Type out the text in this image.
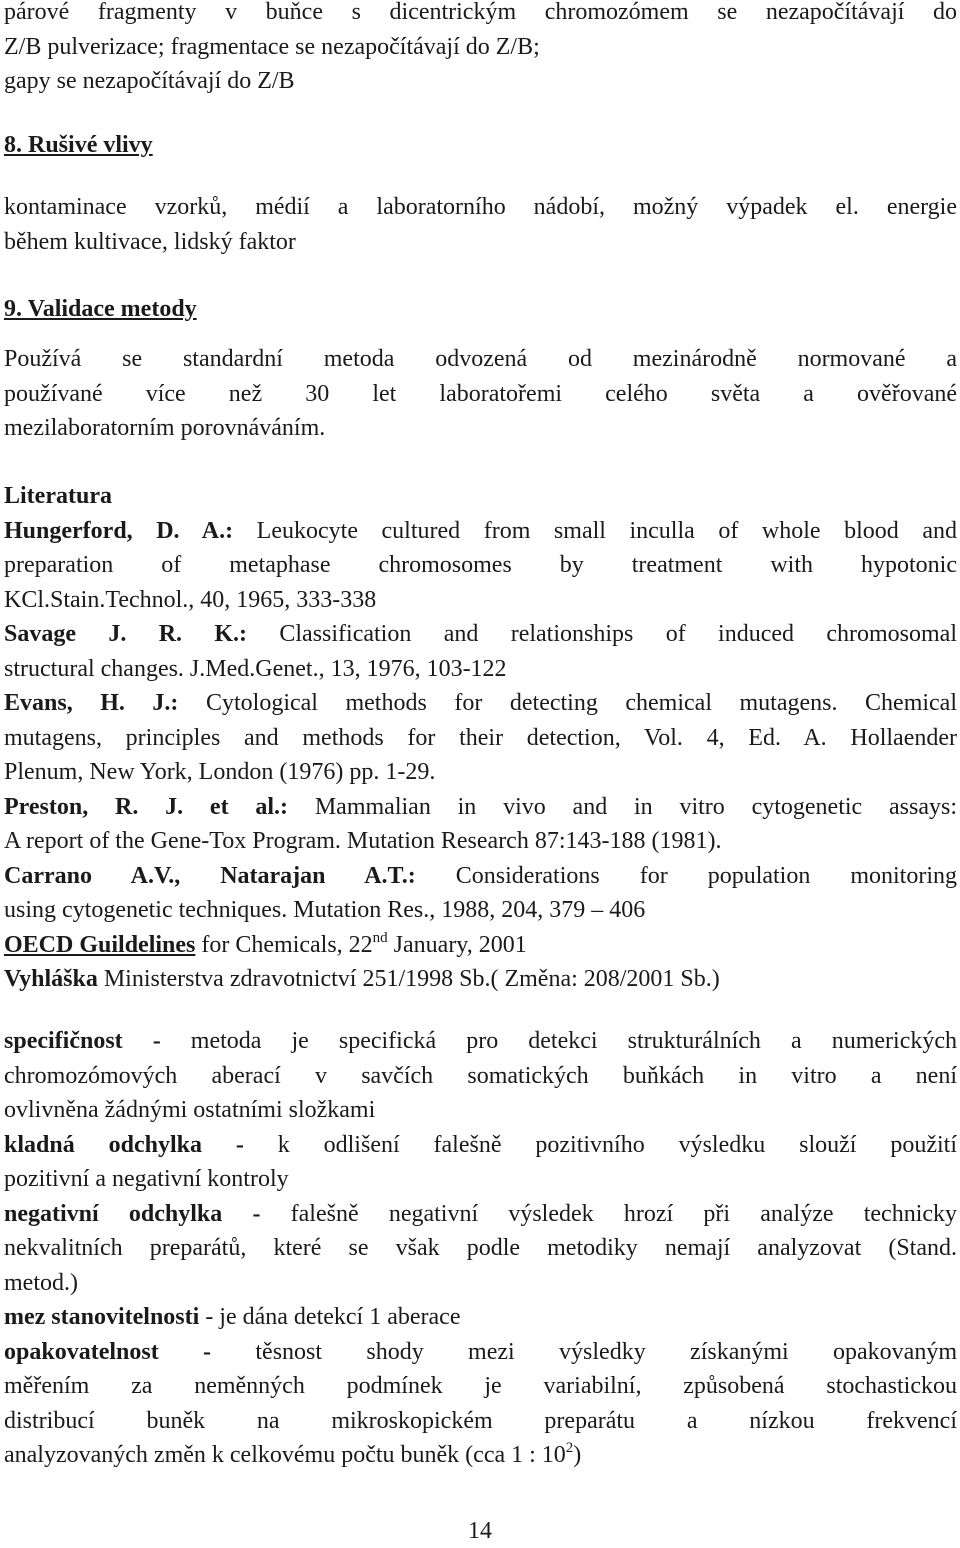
párové fragmenty v buňce s dicentrickým chromozómem se nezapočítávají do

Z/B pulverizace; fragmentace se nezapočítávají do Z/B;

gapy se nezapočítávají do Z/B

8. Rušivé vlivy

kontaminace vzorků, médií a laboratorního nádobí, možný výpadek el. energie

během kultivace, lidský faktor

9. Validace metody

Používá se standardní metoda odvozená od mezinárodně normované a

používané více než 30 let laboratořemi celého světa a ověřované

mezilaboratorním porovnáváním.

Literatura

Hungerford, D. A.: Leukocyte cultured from small inculla of whole blood and

preparation of metaphase chromosomes by treatment with hypotonic

KCl.Stain.Technol., 40, 1965, 333-338

Savage J. R. K.: Classification and relationships of induced chromosomal

structural changes. J.Med.Genet., 13, 1976, 103-122

Evans, H. J.: Cytological methods for detecting chemical mutagens. Chemical

mutagens, principles and methods for their detection, Vol. 4, Ed. A. Hollaender

Plenum, New York, London (1976) pp. 1-29.

Preston, R. J. et al.: Mammalian in vivo and in vitro cytogenetic assays:

A report of the Gene-Tox Program. Mutation Research 87:143-188 (1981).

Carrano A.V., Natarajan A.T.: Considerations for population monitoring

using cytogenetic techniques. Mutation Res., 1988, 204, 379 – 406

OECD Guildelines for Chemicals, 22nd January, 2001

Vyhláška Ministerstva zdravotnictví 251/1998 Sb.( Změna: 208/2001 Sb.)

specifičnost - metoda je specifická pro detekci strukturálních a numerických

chromozómových aberací v savčích somatických buňkách in vitro a není

ovlivněna žádnými ostatními složkami

kladná odchylka - k odlišení falešně pozitivního výsledku slouží použití

pozitivní a negativní kontroly

negativní odchylka - falešně negativní výsledek hrozí při analýze technicky

nekvalitních preparátů, které se však podle metodiky nemají analyzovat (Stand.

metod.)

mez stanovitelnosti - je dána detekcí 1 aberace

opakovatelnost - těsnost shody mezi výsledky získanými opakovaným

měřením za neměnných podmínek je variabilní, způsobená stochastickou

distribucí buněk na mikroskopickém preparátu a nízkou frekvencí

analyzovaných změn k celkovému počtu buněk (cca 1 : $10^2$)

14
